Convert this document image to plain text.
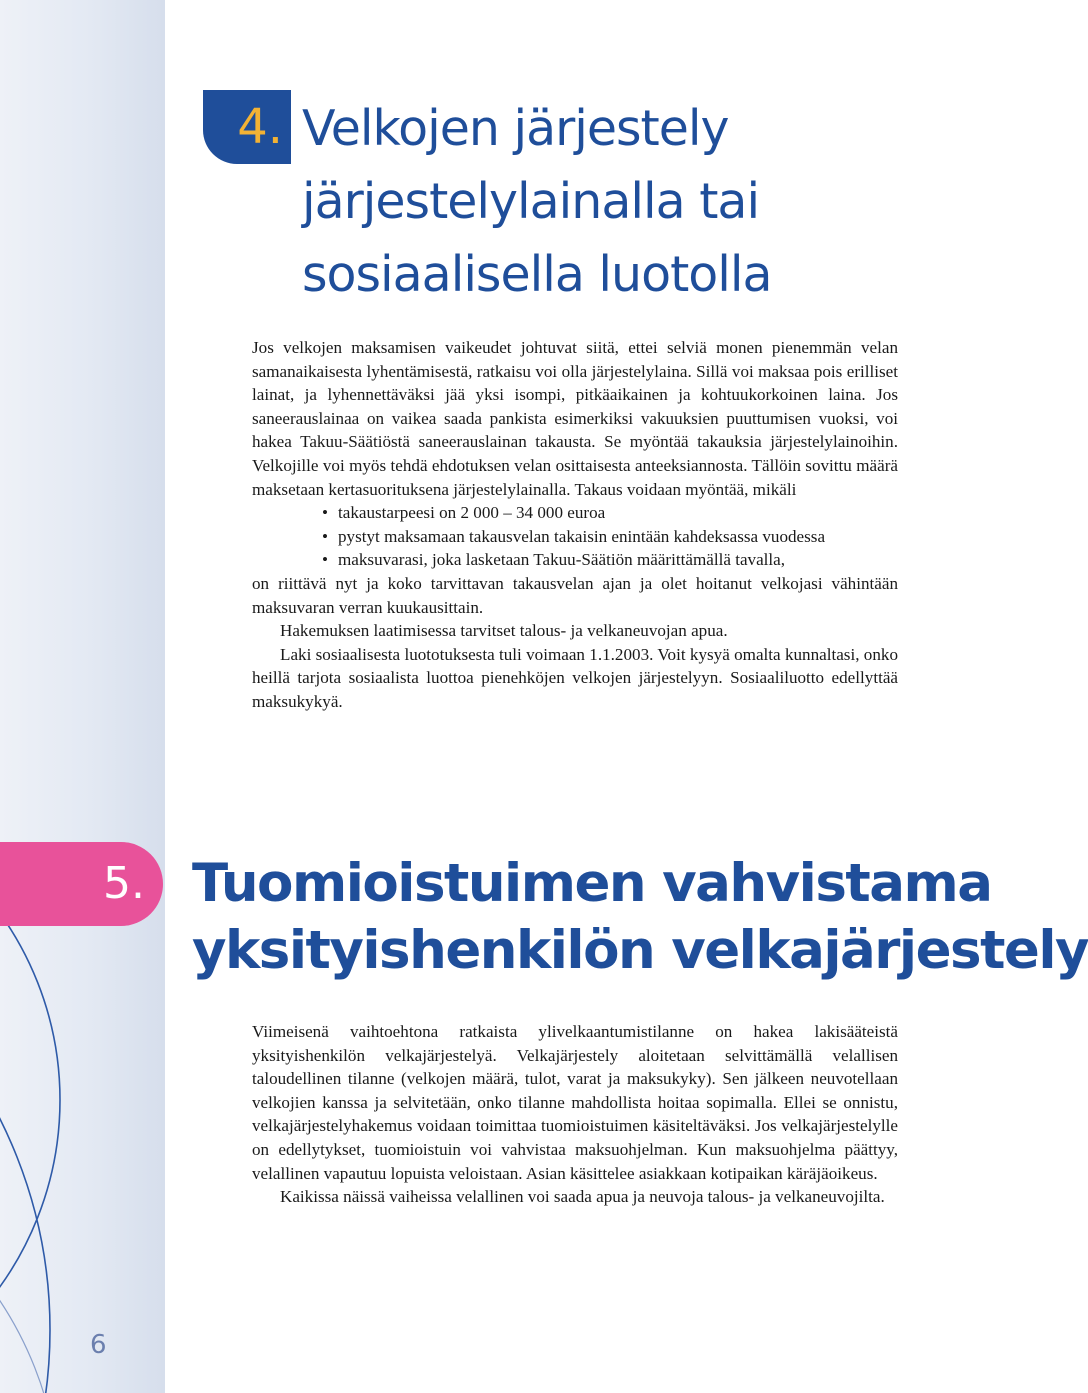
4. Velkojen järjestely
järjestelylainalla tai
sosiaalisella luotolla

Jos velkojen maksamisen vaikeudet johtuvat siitä, ettei selviä monen pienemmän velan samanaikaisesta lyhentämisestä, ratkaisu voi olla järjestelylaina. Sillä voi maksaa pois erilliset lainat, ja lyhennettäväksi jää yksi isompi, pitkäaikainen ja kohtuukorkoinen laina. Jos saneerauslainaa on vaikea saada pankista esimerkiksi vakuuksien puuttumisen vuoksi, voi hakea Takuu-Säätiöstä saneerauslainan takausta. Se myöntää takauksia järjestelylainoihin. Velkojille voi myös tehdä ehdotuksen velan osittaisesta anteeksiannosta. Tällöin sovittu määrä maksetaan kertasuorituksena järjestelylainalla. Takaus voidaan myöntää, mikäli

• takaustarpeesi on 2 000 – 34 000 euroa
• pystyt maksamaan takausvelan takaisin enintään kahdeksassa vuodessa
• maksuvarasi, joka lasketaan Takuu-Säätiön määrittämällä tavalla,

on riittävä nyt ja koko tarvittavan takausvelan ajan ja olet hoitanut velkojasi vähintään maksuvaran verran kuukausittain.

Hakemuksen laatimisessa tarvitset talous- ja velkaneuvojan apua.

Laki sosiaalisesta luototuksesta tuli voimaan 1.1.2003. Voit kysyä omalta kunnaltasi, onko heillä tarjota sosiaalista luottoa pienehköjen velkojen järjestelyyn. Sosiaaliluotto edellyttää maksukykyä.

5. Tuomioistuimen vahvistama
yksityishenkilön velkajärjestely

Viimeisenä vaihtoehtona ratkaista ylivelkaantumistilanne on hakea lakisääteistä yksityishenkilön velkajärjestelyä. Velkajärjestely aloitetaan selvittämällä velallisen taloudellinen tilanne (velkojen määrä, tulot, varat ja maksukyky). Sen jälkeen neuvotellaan velkojien kanssa ja selvitetään, onko tilanne mahdollista hoitaa sopimalla. Ellei se onnistu, velkajärjestelyhakemus voidaan toimittaa tuomioistuimen käsiteltäväksi. Jos velkajärjestelylle on edellytykset, tuomioistuin voi vahvistaa maksuohjelman. Kun maksuohjelma päättyy, velallinen vapautuu lopuista veloistaan. Asian käsittelee asiakkaan kotipaikan käräjäoikeus.

Kaikissa näissä vaiheissa velallinen voi saada apua ja neuvoja talous- ja velkaneuvojilta.

6
